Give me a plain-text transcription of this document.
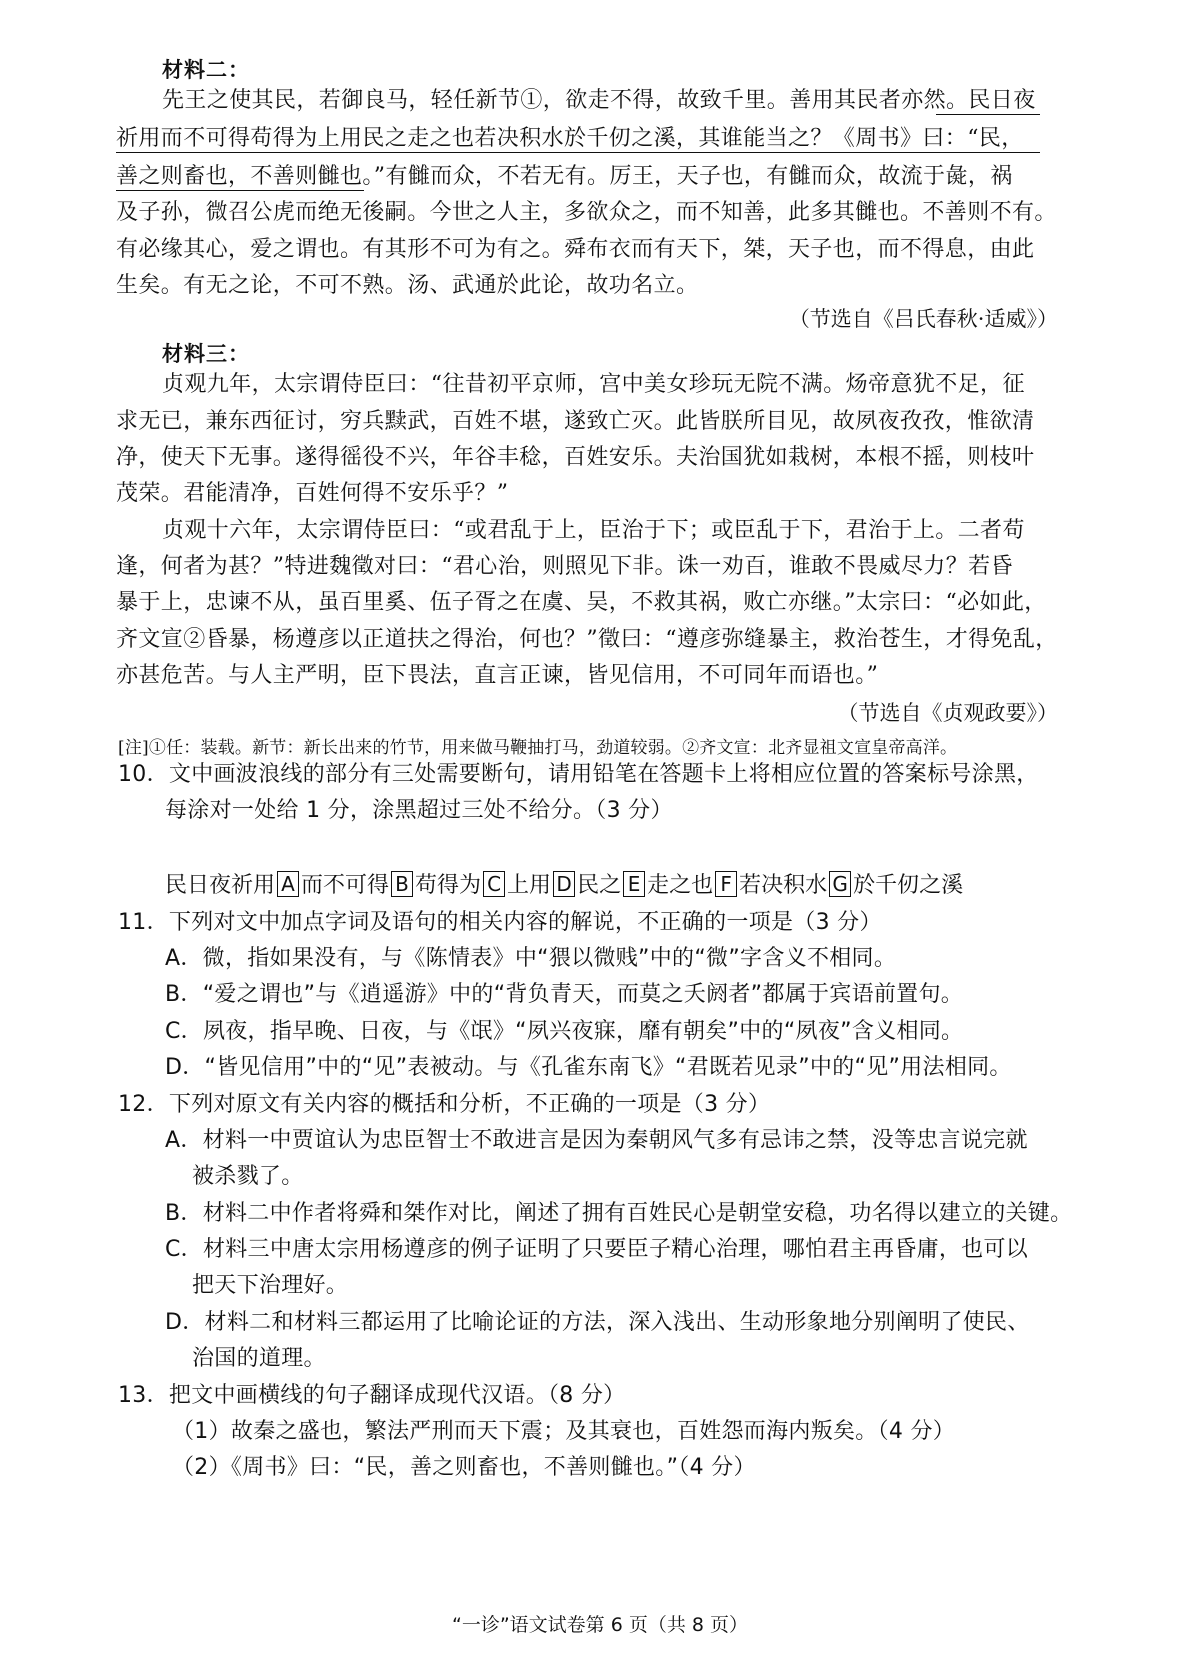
材料二：
先王之使其民，若御良马，轻任新节①，欲走不得，故致千里。善用其民者亦然。民日夜
祈用而不可得苟得为上用民之走之也若决积水於千仞之溪，其谁能当之？《周书》曰：“民，
善之则畜也，不善则雠也。”有雠而众，不若无有。厉王，天子也，有雠而众，故流于彘，祸
及子孙，微召公虎而绝无後嗣。今世之人主，多欲众之，而不知善，此多其雠也。不善则不有。
有必缘其心，爱之谓也。有其形不可为有之。舜布衣而有天下，桀，天子也，而不得息，由此
生矣。有无之论，不可不熟。汤、武通於此论，故功名立。
（节选自《吕氏春秋·适威》）
材料三：
贞观九年，太宗谓侍臣曰：“往昔初平京师，宫中美女珍玩无院不满。炀帝意犹不足，征
求无已，兼东西征讨，穷兵黩武，百姓不堪，遂致亡灭。此皆朕所目见，故夙夜孜孜，惟欲清
净，使天下无事。遂得徭役不兴，年谷丰稔，百姓安乐。夫治国犹如栽树，本根不摇，则枝叶
茂荣。君能清净，百姓何得不安乐乎？”
贞观十六年，太宗谓侍臣曰：“或君乱于上，臣治于下；或臣乱于下，君治于上。二者苟
逢，何者为甚？”特进魏徵对曰：“君心治，则照见下非。诛一劝百，谁敢不畏威尽力？若昏
暴于上，忠谏不从，虽百里奚、伍子胥之在虞、吴，不救其祸，败亡亦继。”太宗曰：“必如此，
齐文宣②昏暴，杨遵彦以正道扶之得治，何也？”徵曰：“遵彦弥缝暴主，救治苍生，才得免乱，
亦甚危苦。与人主严明，臣下畏法，直言正谏，皆见信用，不可同年而语也。”
（节选自《贞观政要》）
[注]①任：装载。新节：新长出来的竹节，用来做马鞭抽打马，劲道较弱。②齐文宣：北齐显祖文宣皇帝高洋。
10．文中画波浪线的部分有三处需要断句，请用铅笔在答题卡上将相应位置的答案标号涂黑，
每涂对一处给 1 分，涂黑超过三处不给分。（3 分）
民日夜祈用 A 而不可得 B 苟得为 C 上用 D 民之 E 走之也 F 若决积水 G 於千仞之溪
11．下列对文中加点字词及语句的相关内容的解说，不正确的一项是（3 分）
A．微，指如果没有，与《陈情表》中“猥以微贱”中的“微”字含义不相同。
B．“爱之谓也”与《逍遥游》中的“背负青天，而莫之夭阏者”都属于宾语前置句。
C．夙夜，指早晚、日夜，与《氓》“夙兴夜寐，靡有朝矣”中的“夙夜”含义相同。
D．“皆见信用”中的“见”表被动。与《孔雀东南飞》“君既若见录”中的“见”用法相同。
12．下列对原文有关内容的概括和分析，不正确的一项是（3 分）
A．材料一中贾谊认为忠臣智士不敢进言是因为秦朝风气多有忌讳之禁，没等忠言说完就
被杀戮了。
B．材料二中作者将舜和桀作对比，阐述了拥有百姓民心是朝堂安稳，功名得以建立的关键。
C．材料三中唐太宗用杨遵彦的例子证明了只要臣子精心治理，哪怕君主再昏庸，也可以
把天下治理好。
D．材料二和材料三都运用了比喻论证的方法，深入浅出、生动形象地分别阐明了使民、
治国的道理。
13．把文中画横线的句子翻译成现代汉语。（8 分）
（1）故秦之盛也，繁法严刑而天下震；及其衰也，百姓怨而海内叛矣。（4 分）
（2）《周书》曰：“民，善之则畜也，不善则雠也。”（4 分）
“一诊”语文试卷第 6 页（共 8 页）
